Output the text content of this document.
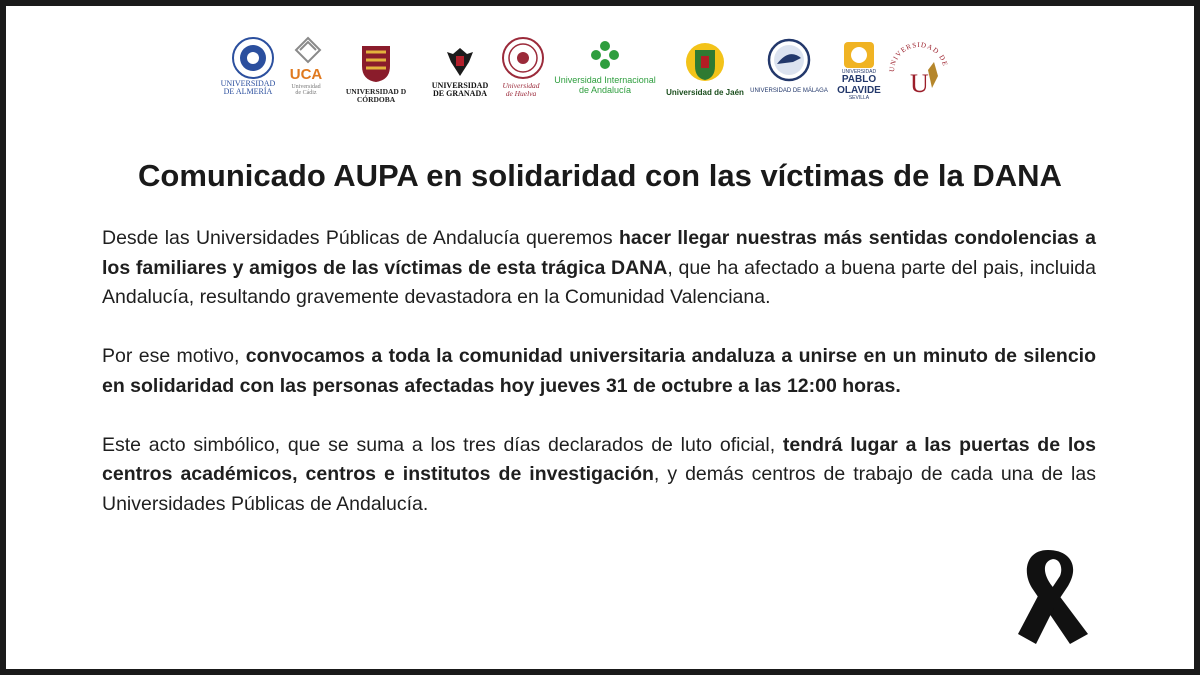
UNIVERSIDAD
DE ALMERÍA
UCA
Universidad
de Cádiz	UNIVERSIDAD D CÓRDOBA
UNIVERSIDAD
DE GRANADA
Universidad
de Huelva
Universidad Internacional
de Andalucía	Universidad de Jaén	UNIVERSIDAD DE MÁLAGA
UNIVERSIDAD
PABLO
OLAVIDE
SEVILLA
UNIVERSIDAD DE
U
Comunicado AUPA en solidaridad con las víctimas de la DANA

Desde las Universidades Públicas de Andalucía queremos hacer llegar nuestras más sentidas condolencias a los familiares y amigos de las víctimas de esta trágica DANA, que ha afectado a buena parte del pais, incluida Andalucía, resultando gravemente devastadora en la Comunidad Valenciana.

Por ese motivo, convocamos a toda la comunidad universitaria andaluza a unirse en un minuto de silencio en solidaridad con las personas afectadas hoy jueves 31 de octubre a las 12:00 horas.

Este acto simbólico, que se suma a los tres días declarados de luto oficial, tendrá lugar a las puertas de los centros académicos, centros e institutos de investigación, y demás centros de trabajo de cada una de las Universidades Públicas de Andalucía.
